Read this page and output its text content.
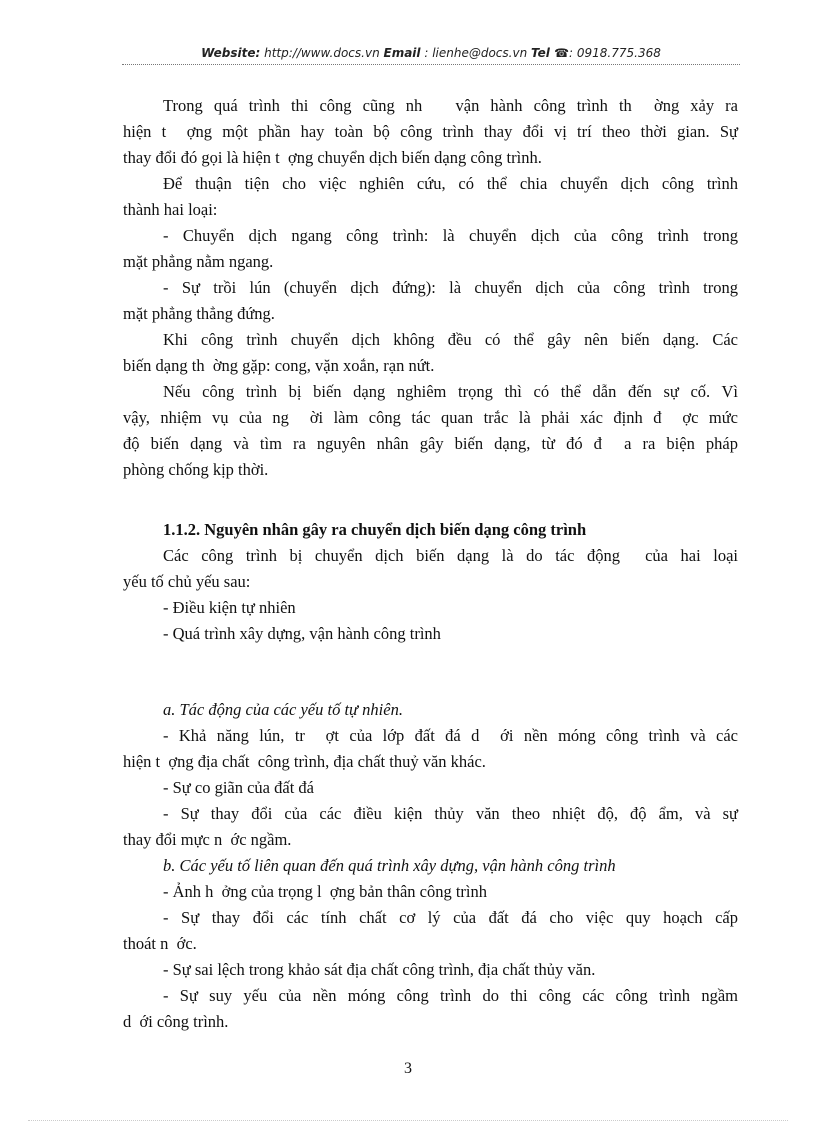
Website: http://www.docs.vn Email : lienhe@docs.vn Tel ☎: 0918.775.368
Trong quá trình thi công cũng nh   vận hành công trình th  ờng xảy ra
hiện t  ợng một phần hay toàn bộ công trình thay đổi vị trí theo thời gian. Sự
thay đổi đó gọi là hiện t  ợng chuyển dịch biến dạng công trình.
Để thuận tiện cho việc nghiên cứu, có thể chia chuyển dịch công trình
thành hai loại:
- Chuyển dịch ngang công trình: là chuyển dịch của công trình trong
mặt phẳng nằm ngang.
- Sự trồi lún (chuyển dịch đứng): là chuyển dịch của công trình trong
mặt phẳng thẳng đứng.
Khi công trình chuyển dịch không đều có thể gây nên biến dạng. Các
biến dạng th  ờng gặp: cong, vặn xoắn, rạn nứt.
Nếu công trình bị biến dạng nghiêm trọng thì có thể dẫn đến sự cố. Vì
vậy, nhiệm vụ của ng  ời làm công tác quan trắc là phải xác định đ  ợc mức
độ biến dạng và tìm ra nguyên nhân gây biến dạng, từ đó đ  a ra biện pháp
phòng chống kịp thời.
1.1.2. Nguyên nhân gây ra chuyển dịch biến dạng công trình
Các công trình bị chuyển dịch biến dạng là do tác động  của hai loại
yếu tố chủ yếu sau:
- Điều kiện tự nhiên
- Quá trình xây dựng, vận hành công trình
a. Tác động của các yếu tố tự nhiên.
- Khả năng lún, tr  ợt của lớp đất đá d  ới nền móng công trình và các
hiện t  ợng địa chất  công trình, địa chất thuỷ văn khác.
- Sự co giãn của đất đá
- Sự thay đổi của các điều kiện thủy văn theo nhiệt độ, độ ẩm, và sự
thay đổi mực n  ớc ngầm.
b. Các yếu tố liên quan đến quá trình xây dựng, vận hành công trình
- Ảnh h  ởng của trọng l  ợng bản thân công trình
- Sự thay đổi các tính chất cơ lý của đất đá cho việc quy hoạch cấp
thoát n  ớc.
- Sự sai lệch trong khảo sát địa chất công trình, địa chất thủy văn.
- Sự suy yếu của nền móng công trình do thi công các công trình ngầm
d  ới công trình.
3
